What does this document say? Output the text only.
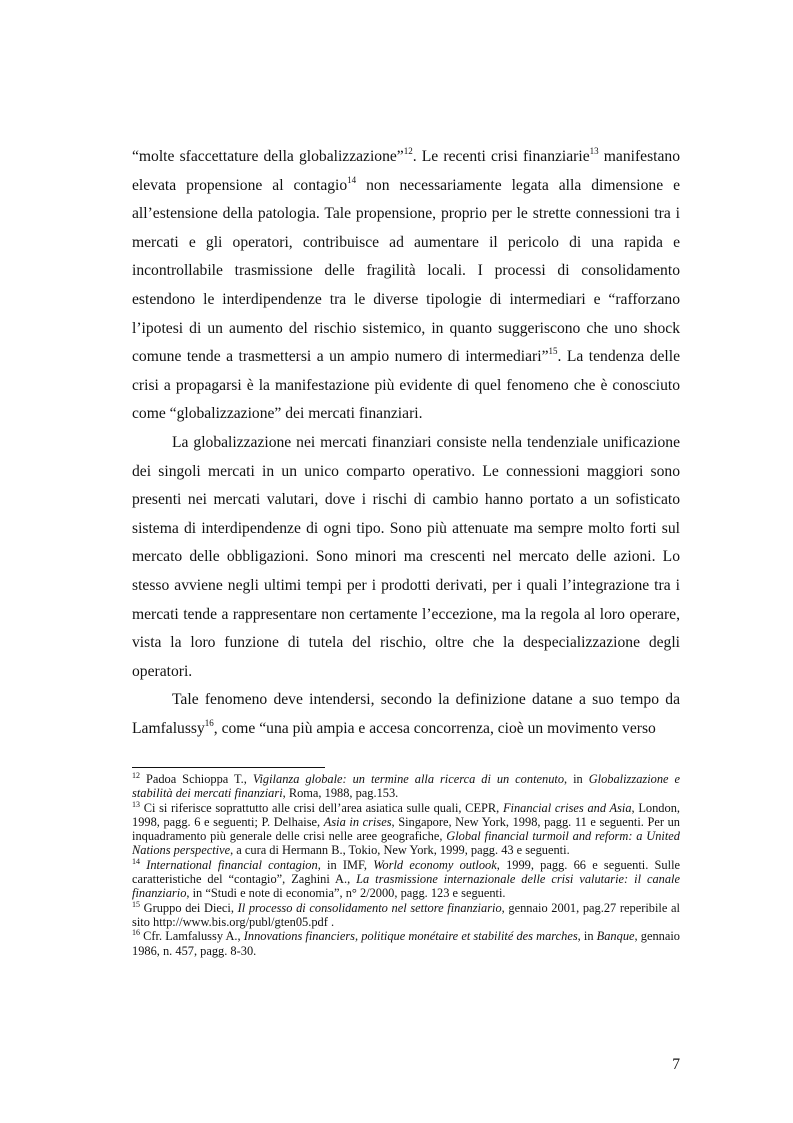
“molte sfaccettature della globalizzazione”$^{12}$. Le recenti crisi finanziarie$^{13}$ manifestano elevata propensione al contagio$^{14}$ non necessariamente legata alla dimensione e all’estensione della patologia. Tale propensione, proprio per le strette connessioni tra i mercati e gli operatori, contribuisce ad aumentare il pericolo di una rapida e incontrollabile trasmissione delle fragilità locali. I processi di consolidamento estendono le interdipendenze tra le diverse tipologie di intermediari e “rafforzano l’ipotesi di un aumento del rischio sistemico, in quanto suggeriscono che uno shock comune tende a trasmettersi a un ampio numero di intermediari”$^{15}$. La tendenza delle crisi a propagarsi è la manifestazione più evidente di quel fenomeno che è conosciuto come “globalizzazione” dei mercati finanziari.

La globalizzazione nei mercati finanziari consiste nella tendenziale unificazione dei singoli mercati in un unico comparto operativo. Le connessioni maggiori sono presenti nei mercati valutari, dove i rischi di cambio hanno portato a un sofisticato sistema di interdipendenze di ogni tipo. Sono più attenuate ma sempre molto forti sul mercato delle obbligazioni. Sono minori ma crescenti nel mercato delle azioni. Lo stesso avviene negli ultimi tempi per i prodotti derivati, per i quali l’integrazione tra i mercati tende a rappresentare non certamente l’eccezione, ma la regola al loro operare, vista la loro funzione di tutela del rischio, oltre che la despecializzazione degli operatori.

Tale fenomeno deve intendersi, secondo la definizione datane a suo tempo da Lamfalussy$^{16}$, come “una più ampia e accesa concorrenza, cioè un movimento verso

$^{12}$ Padoa Schioppa T., Vigilanza globale: un termine alla ricerca di un contenuto, in Globalizzazione e stabilità dei mercati finanziari, Roma, 1988, pag.153.
$^{13}$ Ci si riferisce soprattutto alle crisi dell’area asiatica sulle quali, CEPR, Financial crises and Asia, London, 1998, pagg. 6 e seguenti; P. Delhaise, Asia in crises, Singapore, New York, 1998, pagg. 11 e seguenti. Per un inquadramento più generale delle crisi nelle aree geografiche, Global financial turmoil and reform: a United Nations perspective, a cura di Hermann B., Tokio, New York, 1999, pagg. 43 e seguenti.
$^{14}$ International financial contagion, in IMF, World economy outlook, 1999, pagg. 66 e seguenti. Sulle caratteristiche del “contagio”, Zaghini A., La trasmissione internazionale delle crisi valutarie: il canale finanziario, in “Studi e note di economia”, n° 2/2000, pagg. 123 e seguenti.
$^{15}$ Gruppo dei Dieci, Il processo di consolidamento nel settore finanziario, gennaio 2001, pag.27 reperibile al sito http://www.bis.org/publ/gten05.pdf .
$^{16}$ Cfr. Lamfalussy A., Innovations financiers, politique monétaire et stabilité des marches, in Banque, gennaio 1986, n. 457, pagg. 8-30.
7
